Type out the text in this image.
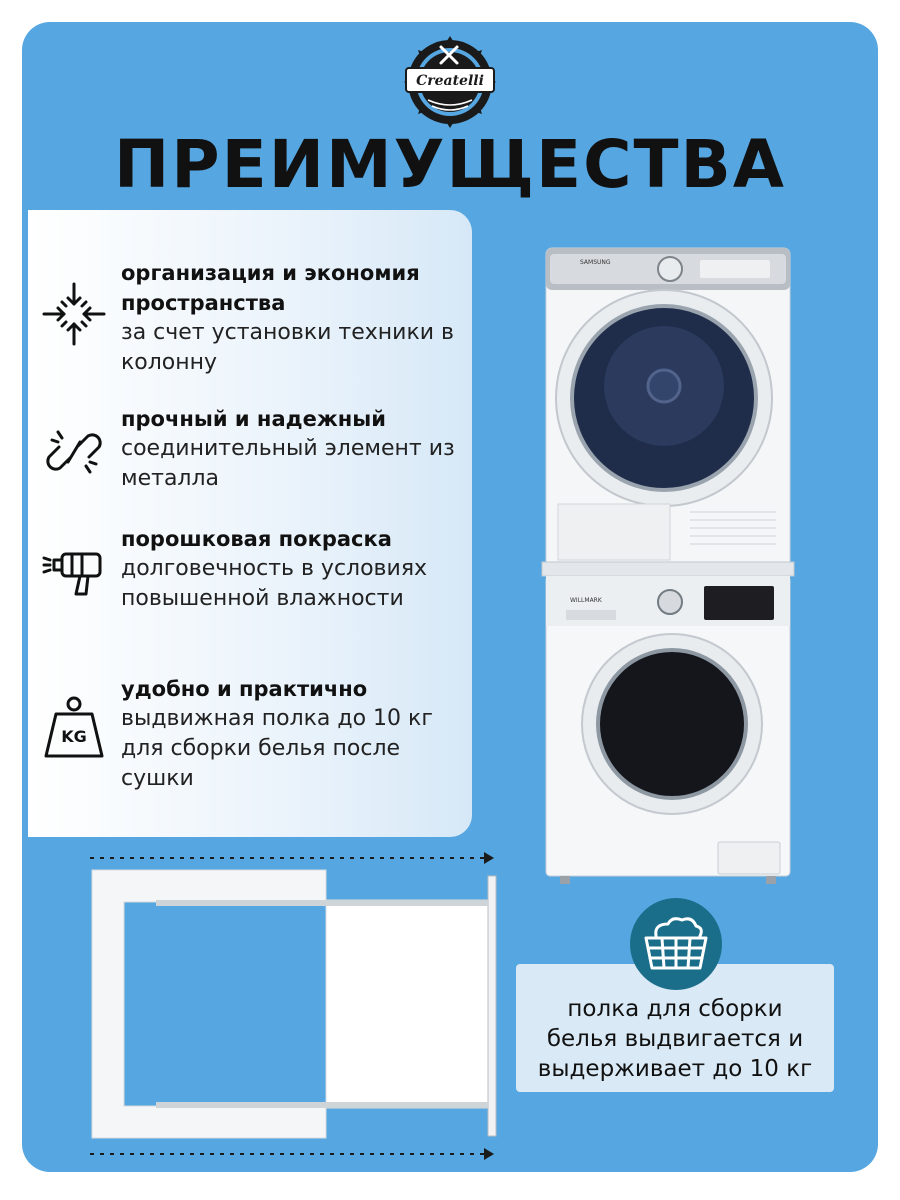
Createlli
ПРЕИМУЩЕСТВА
организация и экономия пространства
за счет установки техники в колонну
прочный и надежный
соединительный элемент из металла
порошковая покраска
долговечность в условиях повышенной влажности
KG
удобно и практично
выдвижная полка до 10 кг для сборки белья после сушки
SAMSUNG
WILLMARK
полка для сборки
белья выдвигается и
выдерживает до 10 кг
